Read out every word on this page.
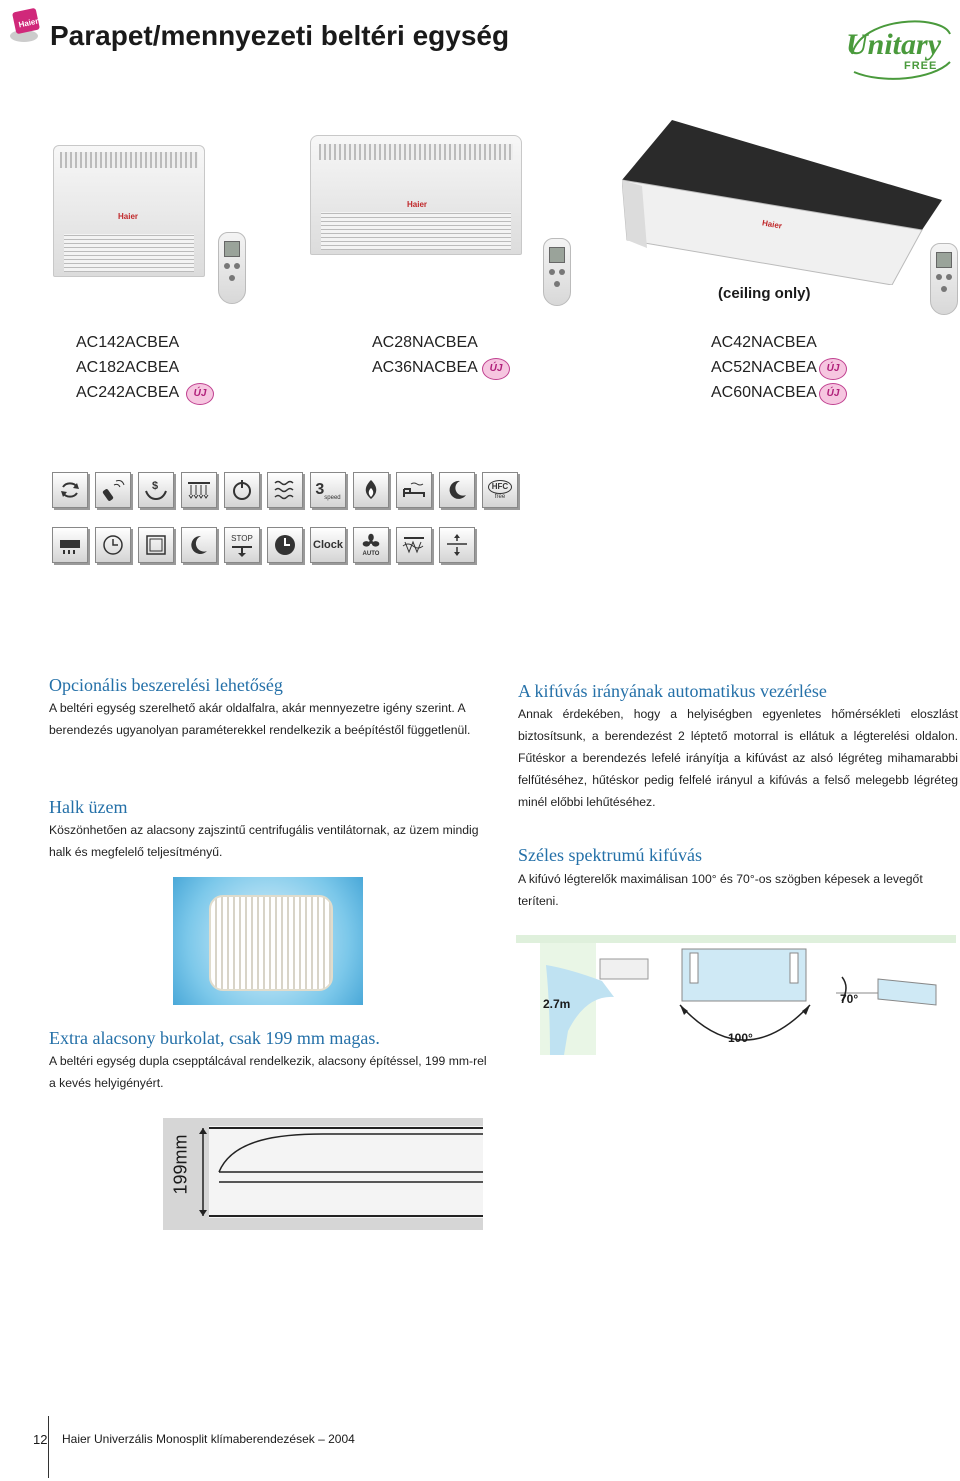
Haier Parapet/mennyezeti beltéri egység	Unitary
FREE
Haier
Haier
Haier
(ceiling only)
AC142ACBEA
AC182ACBEA
AC242ACBEA	ÚJ
AC28NACBEA
AC36NACBEA	ÚJ
AC42NACBEA
AC52NACBEA
AC60NACBEA
ÚJ
ÚJ
$	3 speed
HFC
free
STOP
Clock
AUTO
Opcionális beszerelési lehetőség
A beltéri egység szerelhető akár oldalfalra, akár mennyezetre igény szerint. A berendezés ugyanolyan paraméterekkel rendelkezik a beépítéstől függetlenül.
Halk üzem
Köszönhetően az alacsony zajszintű centrifugális ventilátornak, az üzem mindig halk és megfelelő teljesítményű.
Extra alacsony burkolat, csak 199 mm magas.
A beltéri egység dupla csepptálcával rendelkezik, alacsony építéssel, 199 mm-rel a kevés helyigényért.
199mm
A kifúvás irányának automatikus vezérlése
Annak érdekében, hogy a helyiségben egyenletes hőmérsékleti eloszlást biztosítsunk, a berendezést 2 léptető motorral is ellátuk a légterelési oldalon. Fűtéskor a berendezés lefelé irányítja a kifúvást az alsó légréteg mihamarabbi felfűtéséhez, hűtéskor pedig felfelé irányul a kifúvás a felső melegebb légréteg minél előbbi lehűtéséhez.
Széles spektrumú kifúvás
A kifúvó légterelők maximálisan 100° és 70°-os szögben képesek a levegőt teríteni.
2.7m
100°
70°
12 Haier Univerzális Monosplit klímaberendezések – 2004
